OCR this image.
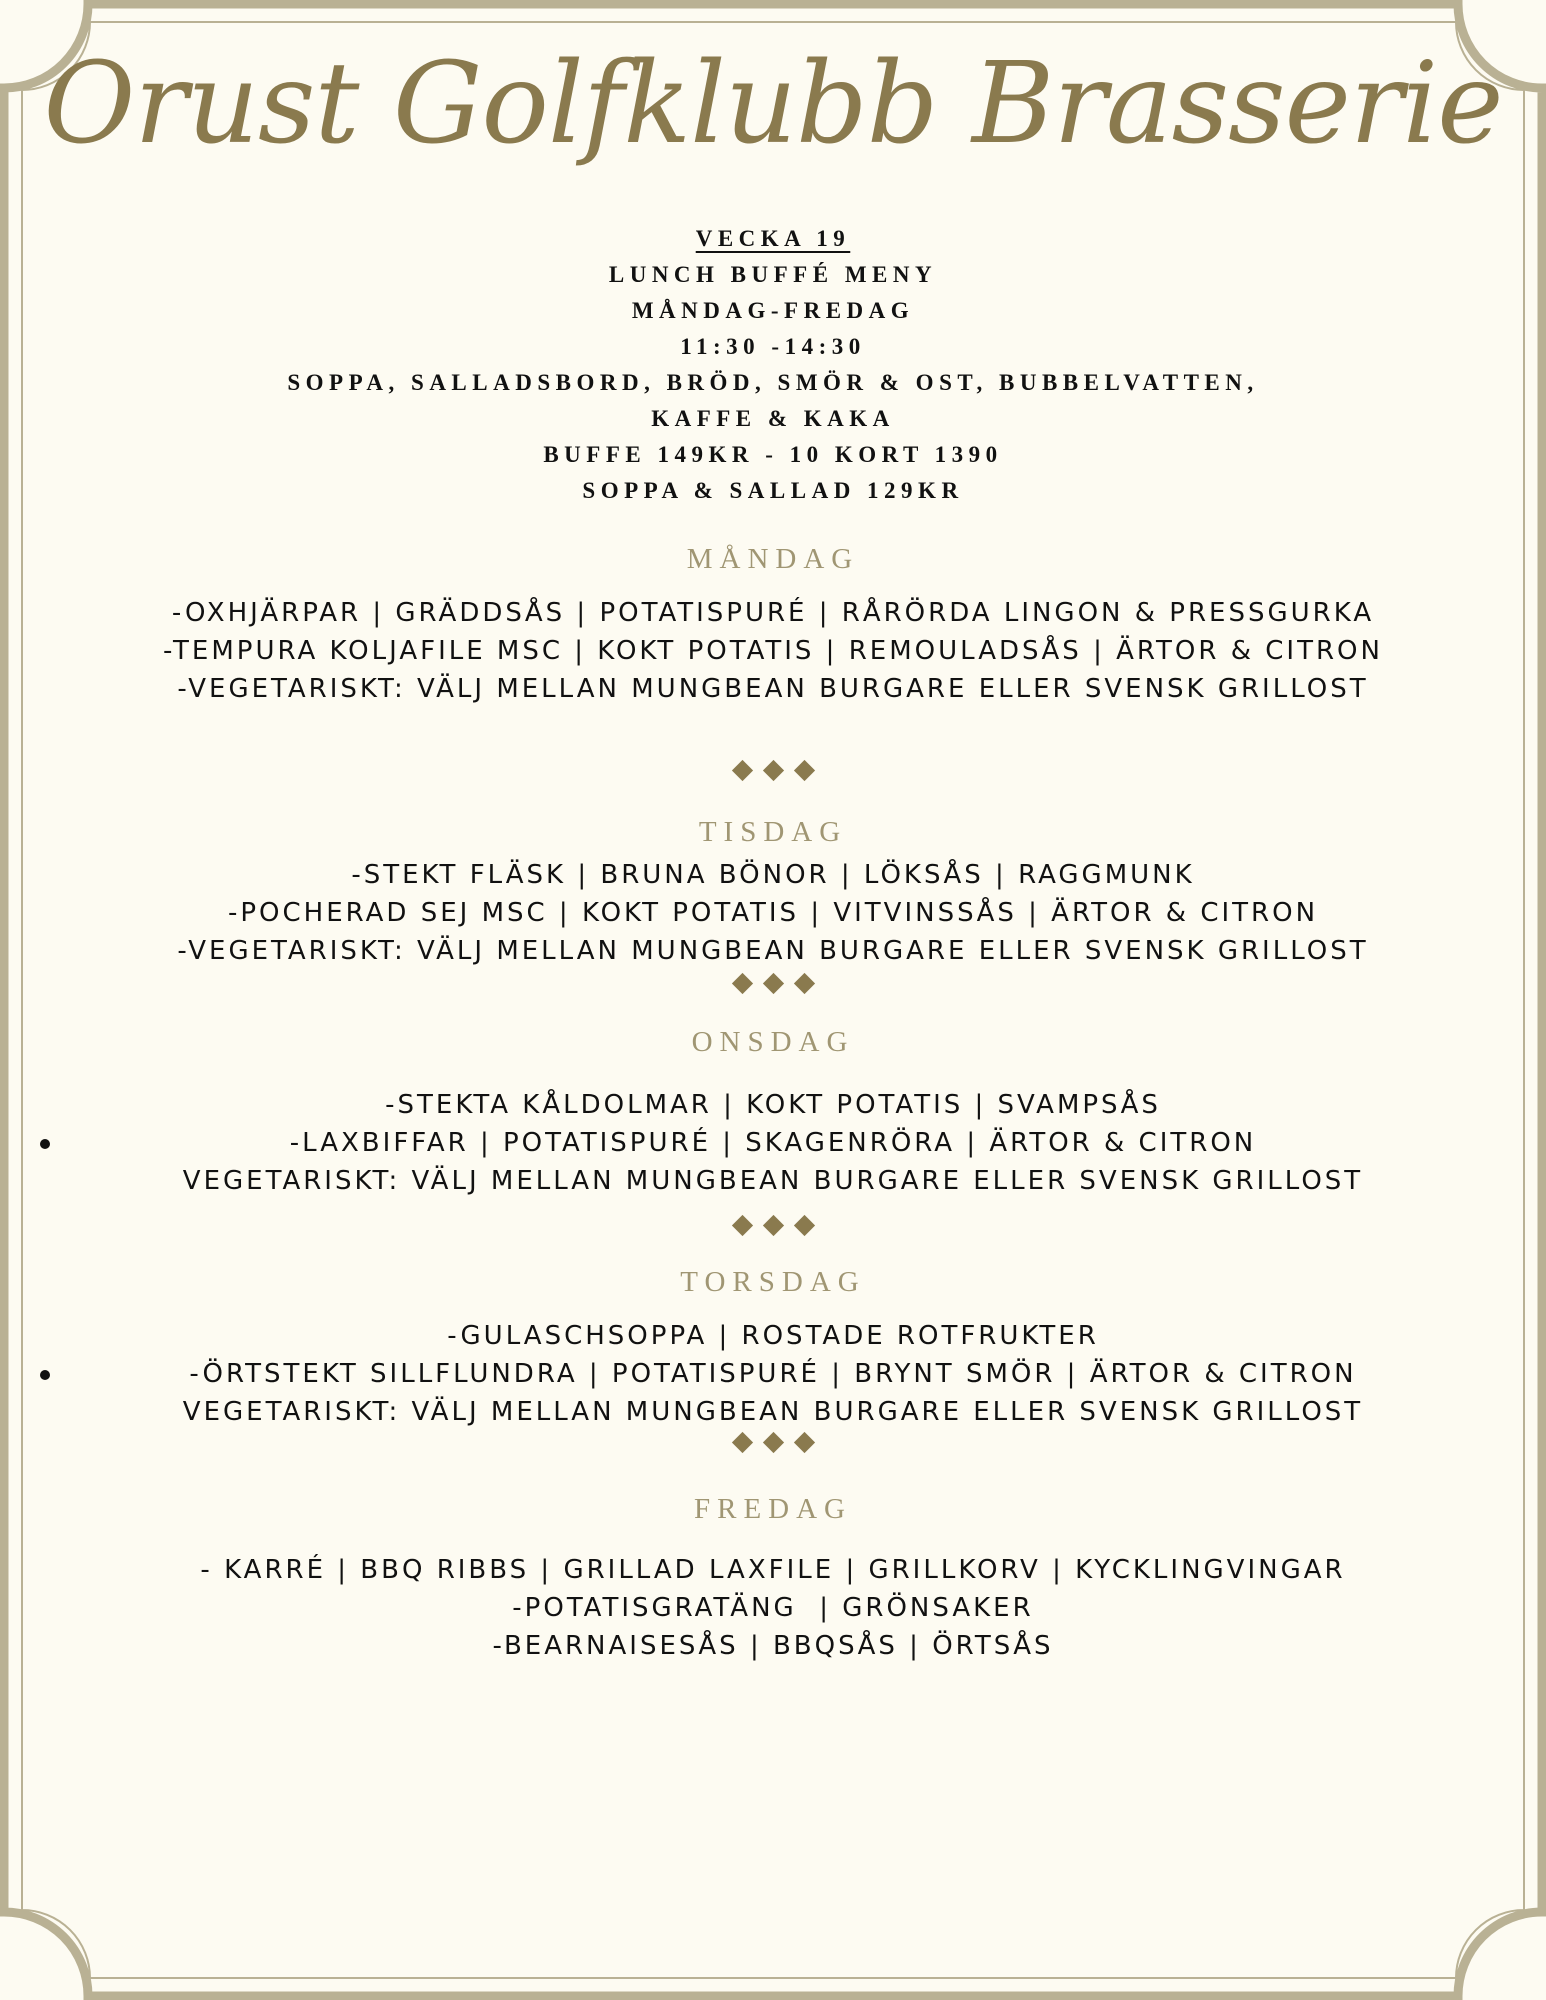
Orust Golfklubb Brasserie
VECKA 19
LUNCH BUFFÉ MENY
MÅNDAG-FREDAG
11:30 -14:30
SOPPA, SALLADSBORD, BRÖD, SMÖR & OST, BUBBELVATTEN,
KAFFE & KAKA
BUFFE 149KR - 10 KORT 1390
SOPPA & SALLAD 129KR
MÅNDAG
-OXHJÄRPAR | GRÄDDSÅS | POTATISPURÉ | RÅRÖRDA LINGON & PRESSGURKA
-TEMPURA KOLJAFILE MSC | KOKT POTATIS | REMOULADSÅS | ÄRTOR & CITRON
-VEGETARISKT: VÄLJ MELLAN MUNGBEAN BURGARE ELLER SVENSK GRILLOST
TISDAG
-STEKT FLÄSK | BRUNA BÖNOR | LÖKSÅS | RAGGMUNK
-POCHERAD SEJ MSC | KOKT POTATIS | VITVINSSÅS | ÄRTOR & CITRON
-VEGETARISKT: VÄLJ MELLAN MUNGBEAN BURGARE ELLER SVENSK GRILLOST
ONSDAG
-STEKTA KÅLDOLMAR | KOKT POTATIS | SVAMPSÅS
-LAXBIFFAR | POTATISPURÉ | SKAGENRÖRA | ÄRTOR & CITRON
VEGETARISKT: VÄLJ MELLAN MUNGBEAN BURGARE ELLER SVENSK GRILLOST
TORSDAG
-GULASCHSOPPA | ROSTADE ROTFRUKTER
-ÖRTSTEKT SILLFLUNDRA | POTATISPURÉ | BRYNT SMÖR | ÄRTOR & CITRON
VEGETARISKT: VÄLJ MELLAN MUNGBEAN BURGARE ELLER SVENSK GRILLOST
FREDAG
- KARRÉ | BBQ RIBBS | GRILLAD LAXFILE | GRILLKORV | KYCKLINGVINGAR
-POTATISGRATÄNG  | GRÖNSAKER
-BEARNAISESÅS | BBQSÅS | ÖRTSÅS
